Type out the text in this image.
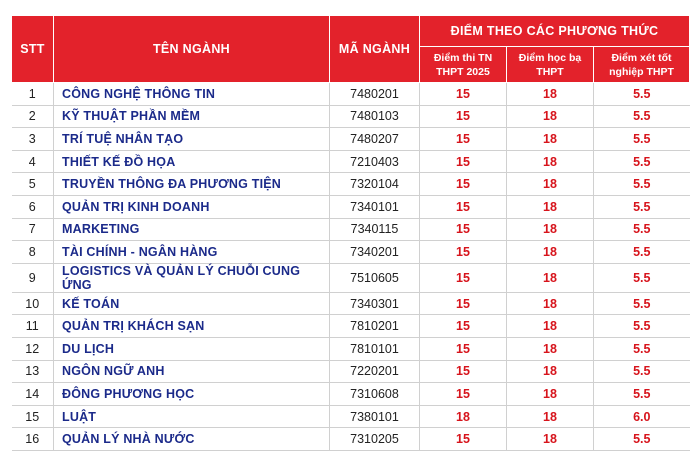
STT	TÊN NGÀNH	MÃ NGÀNH	ĐIỂM THEO CÁC PHƯƠNG THỨC		
			Điểm thi TN THPT 2025	Điểm học bạ THPT	Điểm xét tốt nghiệp THPT
1	CÔNG NGHỆ THÔNG TIN	7480201	15	18	5.5
2	KỸ THUẬT PHẦN MỀM	7480103	15	18	5.5
3	TRÍ TUỆ NHÂN TẠO	7480207	15	18	5.5
4	THIẾT KẾ ĐỒ HỌA	7210403	15	18	5.5
5	TRUYỀN THÔNG ĐA PHƯƠNG TIỆN	7320104	15	18	5.5
6	QUẢN TRỊ KINH DOANH	7340101	15	18	5.5
7	MARKETING	7340115	15	18	5.5
8	TÀI CHÍNH - NGÂN HÀNG	7340201	15	18	5.5
9	LOGISTICS VÀ QUẢN LÝ CHUỖI CUNG ỨNG	7510605	15	18	5.5
10	KẾ TOÁN	7340301	15	18	5.5
11	QUẢN TRỊ KHÁCH SẠN	7810201	15	18	5.5
12	DU LỊCH	7810101	15	18	5.5
13	NGÔN NGỮ ANH	7220201	15	18	5.5
14	ĐÔNG PHƯƠNG HỌC	7310608	15	18	5.5
15	LUẬT	7380101	18	18	6.0
16	QUẢN LÝ NHÀ NƯỚC	7310205	15	18	5.5
